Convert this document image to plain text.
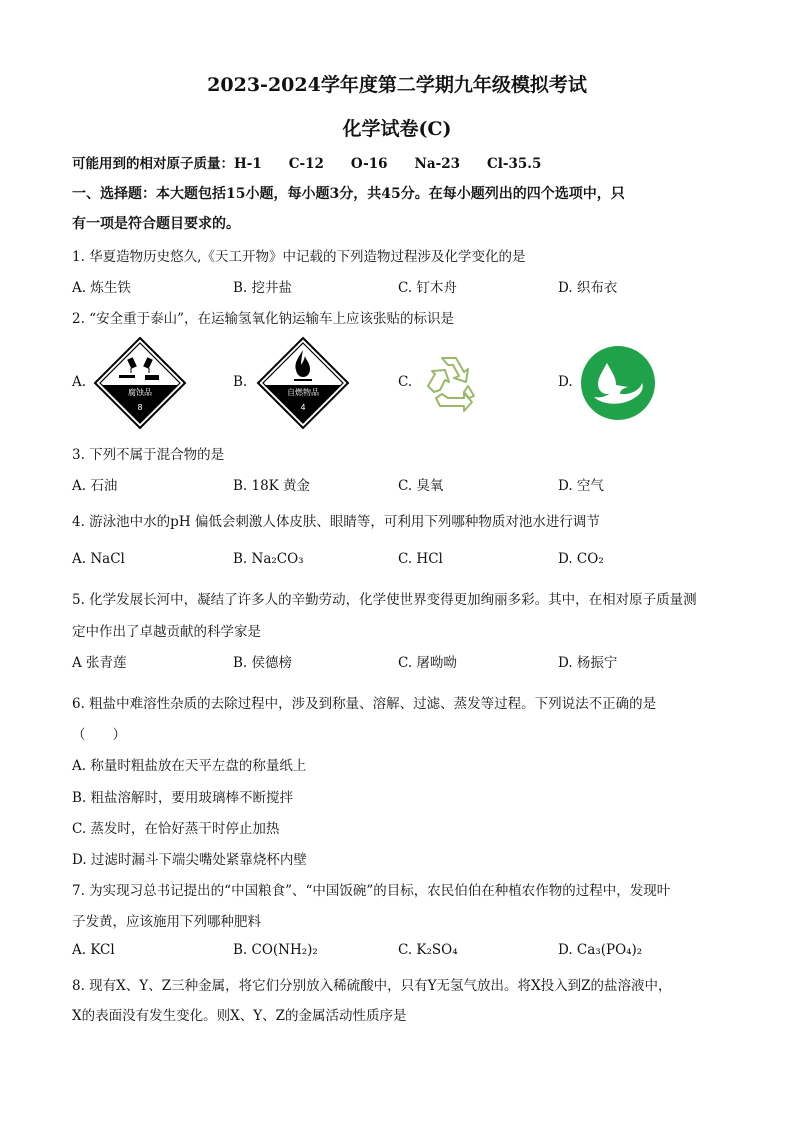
2023-2024学年度第二学期九年级模拟考试
化学试卷(C)
可能用到的相对原子质量：H-1　　C-12　　O-16　　Na-23　　Cl-35.5
一、选择题：本大题包括15小题，每小题3分，共45分。在每小题列出的四个选项中，只
有一项是符合题目要求的。
1. 华夏造物历史悠久,《天工开物》中记载的下列造物过程涉及化学变化的是
A. 炼生铁	B. 挖井盐	C. 钉木舟	D. 织布衣
2. “安全重于泰山”，在运输氢氧化钠运输车上应该张贴的标识是
A.
腐蚀品
8
B.
自燃物品
4
C.	D.
3. 下列不属于混合物的是
A. 石油	B. 18K 黄金	C. 臭氧	D. 空气
4. 游泳池中水的pH 偏低会刺激人体皮肤、眼睛等，可利用下列哪种物质对池水进行调节
A. NaCl	B. Na₂CO₃	C. HCl	D. CO₂
5. 化学发展长河中，凝结了许多人的辛勤劳动，化学使世界变得更加绚丽多彩。其中，在相对原子质量测
定中作出了卓越贡献的科学家是
A 张青莲	B. 侯德榜	C. 屠呦呦	D. 杨振宁
6. 粗盐中难溶性杂质的去除过程中，涉及到称量、溶解、过滤、蒸发等过程。下列说法不正确的是
（　　）
A. 称量时粗盐放在天平左盘的称量纸上
B. 粗盐溶解时，要用玻璃棒不断搅拌
C. 蒸发时，在恰好蒸干时停止加热
D. 过滤时漏斗下端尖嘴处紧靠烧杯内壁
7. 为实现习总书记提出的“中国粮食”、“中国饭碗”的目标，农民伯伯在种植农作物的过程中，发现叶
子发黄，应该施用下列哪种肥料
A. KCl	B. CO(NH₂)₂	C. K₂SO₄	D. Ca₃(PO₄)₂
8. 现有X、Y、Z三种金属，将它们分别放入稀硫酸中，只有Y无氢气放出。将X投入到Z的盐溶液中，
X的表面没有发生变化。则X、Y、Z的金属活动性质序是
